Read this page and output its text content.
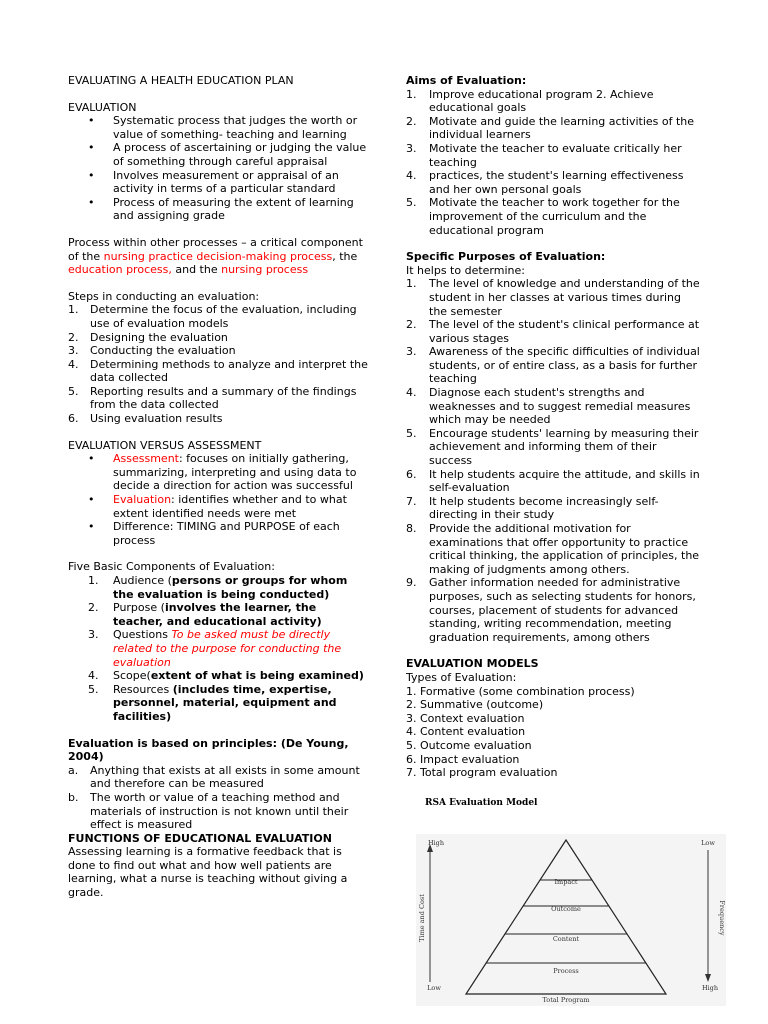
EVALUATING A HEALTH EDUCATION PLAN

EVALUATION

•	Systematic process that judges the worth or value of something- teaching and learning
•	A process of ascertaining or judging the value of something through careful appraisal
•	Involves measurement or appraisal of an activity in terms of a particular standard
•	Process of measuring the extent of learning and assigning grade

Process within other processes – a critical component of the nursing practice decision-making process, the education process, and the nursing process

Steps in conducting an evaluation:

1.	Determine the focus of the evaluation, including use of evaluation models
2.	Designing the evaluation
3.	Conducting the evaluation
4.	Determining methods to analyze and interpret the data collected
5.	Reporting results and a summary of the findings from the data collected
6.	Using evaluation results

EVALUATION VERSUS ASSESSMENT

•	Assessment: focuses on initially gathering, summarizing, interpreting and using data to decide a direction for action was successful
•	Evaluation: identifies whether and to what extent identified needs were met
•	Difference: TIMING and PURPOSE of each process

Five Basic Components of Evaluation:

1.	Audience (persons or groups for whom the evaluation is being conducted)
2.	Purpose (involves the learner, the teacher, and educational activity)
3.	Questions To be asked must be directly related to the purpose for conducting the evaluation
4.	Scope(extent of what is being examined)
5.	Resources (includes time, expertise, personnel, material, equipment and facilities)

Evaluation is based on principles: (De Young, 2004)

a.	Anything that exists at all exists in some amount and therefore can be measured
b.	The worth or value of a teaching method and materials of instruction is not known until their effect is measured

FUNCTIONS OF EDUCATIONAL EVALUATION

Assessing learning is a formative feedback that is done to find out what and how well patients are learning, what a nurse is teaching without giving a grade.

Aims of Evaluation:

1.	Improve educational program 2. Achieve educational goals
2.	Motivate and guide the learning activities of the individual learners
3.	Motivate the teacher to evaluate critically her teaching
4.	practices, the student's learning effectiveness and her own personal goals
5.	Motivate the teacher to work together for the improvement of the curriculum and the educational program

Specific Purposes of Evaluation:

It helps to determine:

1.	The level of knowledge and understanding of the student in her classes at various times during the semester
2.	The level of the student's clinical performance at various stages
3.	Awareness of the specific difficulties of individual students, or of entire class, as a basis for further teaching
4.	Diagnose each student's strengths and weaknesses and to suggest remedial measures which may be needed
5.	Encourage students' learning by measuring their achievement and informing them of their success
6.	It help students acquire the attitude, and skills in self-evaluation
7.	It help students become increasingly self-directing in their study
8.	Provide the additional motivation for examinations that offer opportunity to practice critical thinking, the application of principles, the making of judgments among others.
9.	Gather information needed for administrative purposes, such as selecting students for honors, courses, placement of students for advanced standing, writing recommendation, meeting graduation requirements, among others

EVALUATION MODELS

Types of Evaluation:

1. Formative (some combination process)

2. Summative (outcome)

3. Context evaluation

4. Content evaluation

5. Outcome evaluation

6. Impact evaluation

7. Total program evaluation

RSA Evaluation Model
High
Low
Low
High
Time and Cost	Frequency
Impact
Outcome
Content
Process
Total Program
